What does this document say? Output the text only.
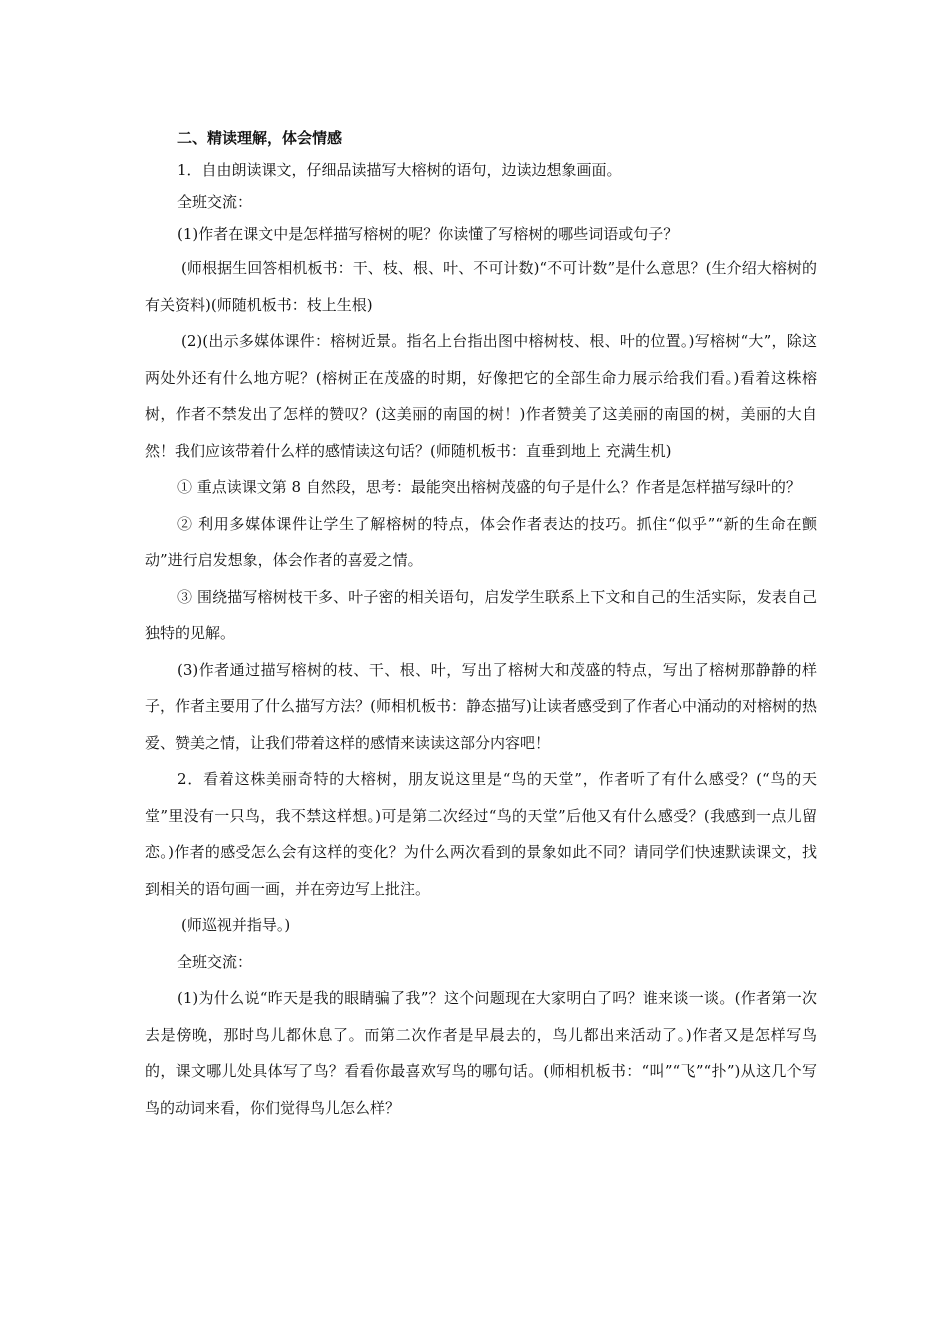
二、精读理解，体会情感

1．自由朗读课文，仔细品读描写大榕树的语句，边读边想象画面。

全班交流：

(1)作者在课文中是怎样描写榕树的呢？你读懂了写榕树的哪些词语或句子？

(师根据生回答相机板书：干、枝、根、叶、不可计数)“不可计数”是什么意思？(生介绍大榕树的有关资料)(师随机板书：枝上生根)

(2)(出示多媒体课件：榕树近景。指名上台指出图中榕树枝、根、叶的位置。)写榕树“大”，除这两处外还有什么地方呢？(榕树正在茂盛的时期，好像把它的全部生命力展示给我们看。)看着这株榕树，作者不禁发出了怎样的赞叹？(这美丽的南国的树！)作者赞美了这美丽的南国的树，美丽的大自然！我们应该带着什么样的感情读这句话？(师随机板书：直垂到地上 充满生机)

① 重点读课文第 8 自然段，思考：最能突出榕树茂盛的句子是什么？作者是怎样描写绿叶的？

② 利用多媒体课件让学生了解榕树的特点，体会作者表达的技巧。抓住“似乎”“新的生命在颤动”进行启发想象，体会作者的喜爱之情。

③ 围绕描写榕树枝干多、叶子密的相关语句，启发学生联系上下文和自己的生活实际，发表自己独特的见解。

(3)作者通过描写榕树的枝、干、根、叶，写出了榕树大和茂盛的特点，写出了榕树那静静的样子，作者主要用了什么描写方法？(师相机板书：静态描写)让读者感受到了作者心中涌动的对榕树的热爱、赞美之情，让我们带着这样的感情来读读这部分内容吧！

2．看着这株美丽奇特的大榕树，朋友说这里是“鸟的天堂”，作者听了有什么感受？(“鸟的天堂”里没有一只鸟，我不禁这样想。)可是第二次经过“鸟的天堂”后他又有什么感受？(我感到一点儿留恋。)作者的感受怎么会有这样的变化？为什么两次看到的景象如此不同？请同学们快速默读课文，找到相关的语句画一画，并在旁边写上批注。

(师巡视并指导。)

全班交流：

(1)为什么说“昨天是我的眼睛骗了我”？这个问题现在大家明白了吗？谁来谈一谈。(作者第一次去是傍晚，那时鸟儿都休息了。而第二次作者是早晨去的，鸟儿都出来活动了。)作者又是怎样写鸟的，课文哪儿处具体写了鸟？看看你最喜欢写鸟的哪句话。(师相机板书：“叫”“飞”“扑”)从这几个写鸟的动词来看，你们觉得鸟儿怎么样？
